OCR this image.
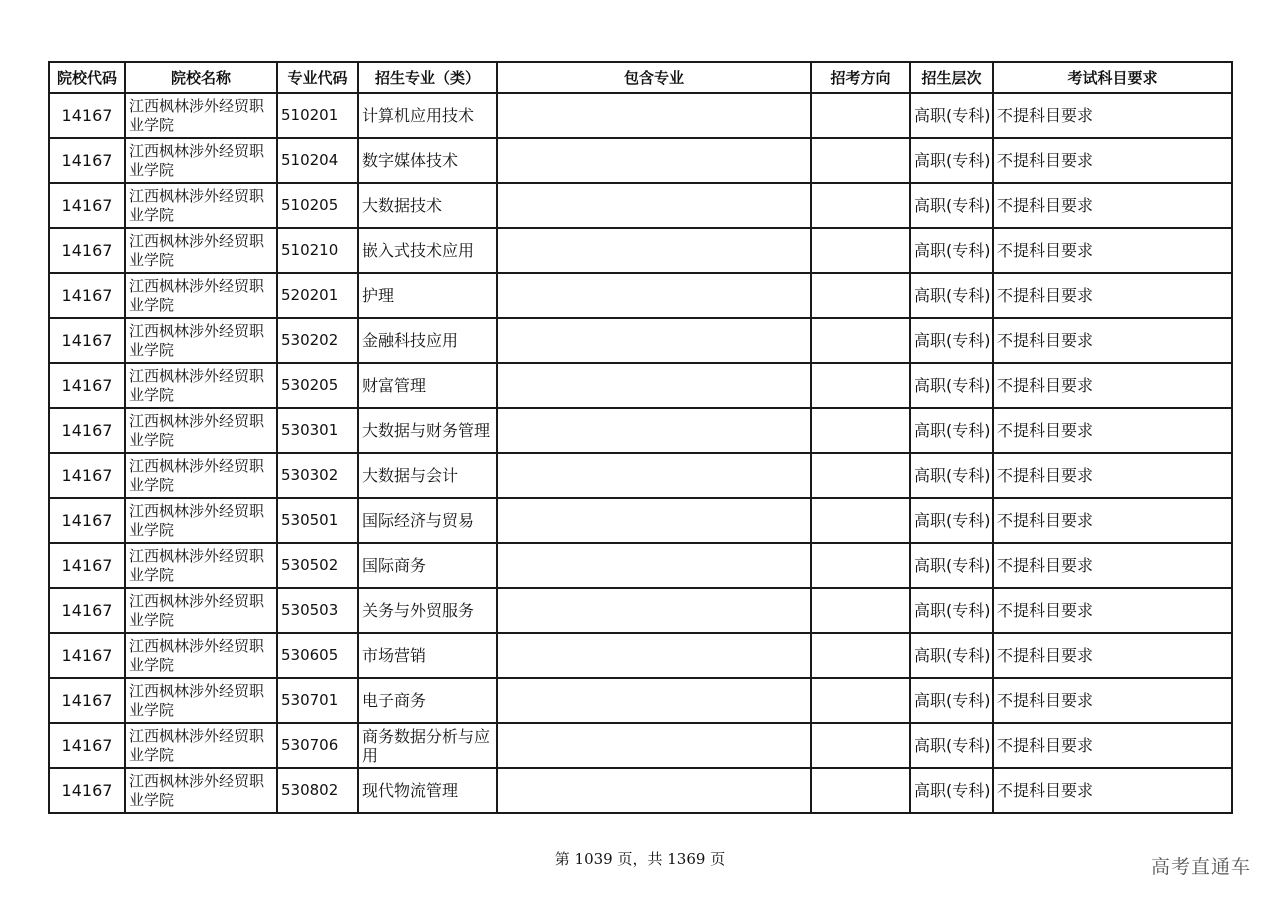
院校代码	院校名称	专业代码	招生专业（类）	包含专业	招考方向	招生层次	考试科目要求
14167	江西枫林涉外经贸职业学院	510201	计算机应用技术			高职(专科)	不提科目要求
14167	江西枫林涉外经贸职业学院	510204	数字媒体技术			高职(专科)	不提科目要求
14167	江西枫林涉外经贸职业学院	510205	大数据技术			高职(专科)	不提科目要求
14167	江西枫林涉外经贸职业学院	510210	嵌入式技术应用			高职(专科)	不提科目要求
14167	江西枫林涉外经贸职业学院	520201	护理			高职(专科)	不提科目要求
14167	江西枫林涉外经贸职业学院	530202	金融科技应用			高职(专科)	不提科目要求
14167	江西枫林涉外经贸职业学院	530205	财富管理			高职(专科)	不提科目要求
14167	江西枫林涉外经贸职业学院	530301	大数据与财务管理			高职(专科)	不提科目要求
14167	江西枫林涉外经贸职业学院	530302	大数据与会计			高职(专科)	不提科目要求
14167	江西枫林涉外经贸职业学院	530501	国际经济与贸易			高职(专科)	不提科目要求
14167	江西枫林涉外经贸职业学院	530502	国际商务			高职(专科)	不提科目要求
14167	江西枫林涉外经贸职业学院	530503	关务与外贸服务			高职(专科)	不提科目要求
14167	江西枫林涉外经贸职业学院	530605	市场营销			高职(专科)	不提科目要求
14167	江西枫林涉外经贸职业学院	530701	电子商务			高职(专科)	不提科目要求
14167	江西枫林涉外经贸职业学院	530706	商务数据分析与应用			高职(专科)	不提科目要求
14167	江西枫林涉外经贸职业学院	530802	现代物流管理			高职(专科)	不提科目要求
第 1039 页，共 1369 页	高考直通车
